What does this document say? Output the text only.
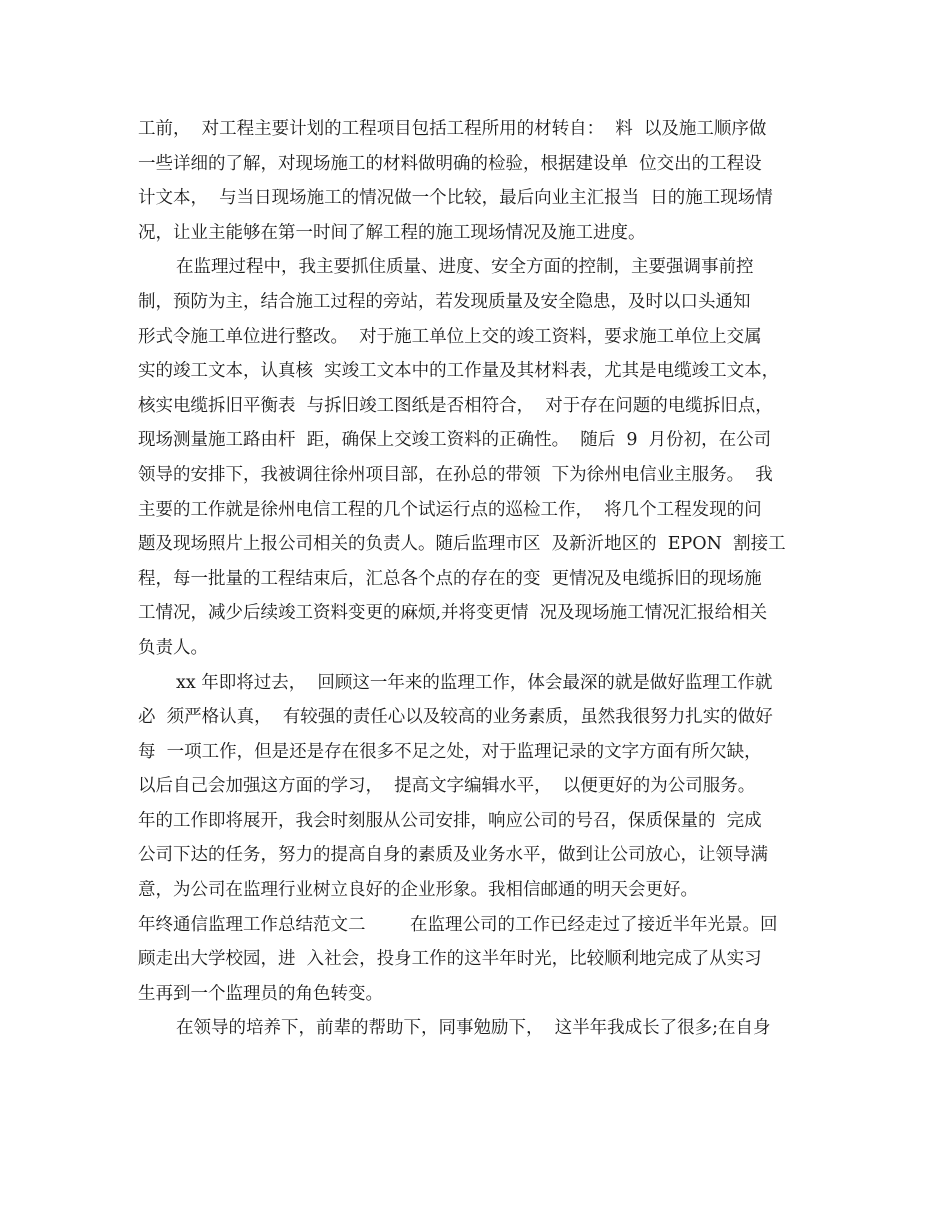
工前，  对工程主要计划的工程项目包括工程所用的材转自：  料  以及施工顺序做

一些详细的了解，对现场施工的材料做明确的检验，根据建设单  位交出的工程设

计文本，  与当日现场施工的情况做一个比较，最后向业主汇报当  日的施工现场情

况，让业主能够在第一时间了解工程的施工现场情况及施工进度。

在监理过程中，我主要抓住质量、进度、安全方面的控制，主要强调事前控

制，预防为主，结合施工过程的旁站，若发现质量及安全隐患，及时以口头通知

形式令施工单位进行整改。  对于施工单位上交的竣工资料，要求施工单位上交属

实的竣工文本，认真核  实竣工文本中的工作量及其材料表，尤其是电缆竣工文本，

核实电缆拆旧平衡表  与拆旧竣工图纸是否相符合，  对于存在问题的电缆拆旧点，

现场测量施工路由杆  距，确保上交竣工资料的正确性。  随后  9  月份初，在公司

领导的安排下，我被调往徐州项目部，在孙总的带领  下为徐州电信业主服务。  我

主要的工作就是徐州电信工程的几个试运行点的巡检工作，  将几个工程发现的问

题及现场照片上报公司相关的负责人。随后监理市区  及新沂地区的  EPON  割接工

程，每一批量的工程结束后，汇总各个点的存在的变  更情况及电缆拆旧的现场施

工情况，减少后续竣工资料变更的麻烦,并将变更情  况及现场施工情况汇报给相关

负责人。

xx 年即将过去，  回顾这一年来的监理工作，体会最深的就是做好监理工作就

必  须严格认真，  有较强的责任心以及较高的业务素质，虽然我很努力扎实的做好

每  一项工作，但是还是存在很多不足之处，对于监理记录的文字方面有所欠缺，

以后自己会加强这方面的学习，  提高文字编辑水平，  以便更好的为公司服务。

年的工作即将展开，我会时刻服从公司安排，响应公司的号召，保质保量的  完成

公司下达的任务，努力的提高自身的素质及业务水平，做到让公司放心，让领导满

意，为公司在监理行业树立良好的企业形象。我相信邮通的明天会更好。

年终通信监理工作总结范文二        在监理公司的工作已经走过了接近半年光景。回

顾走出大学校园，进  入社会，投身工作的这半年时光，比较顺利地完成了从实习

生再到一个监理员的角色转变。

在领导的培养下，前辈的帮助下，同事勉励下，  这半年我成长了很多;在自身
